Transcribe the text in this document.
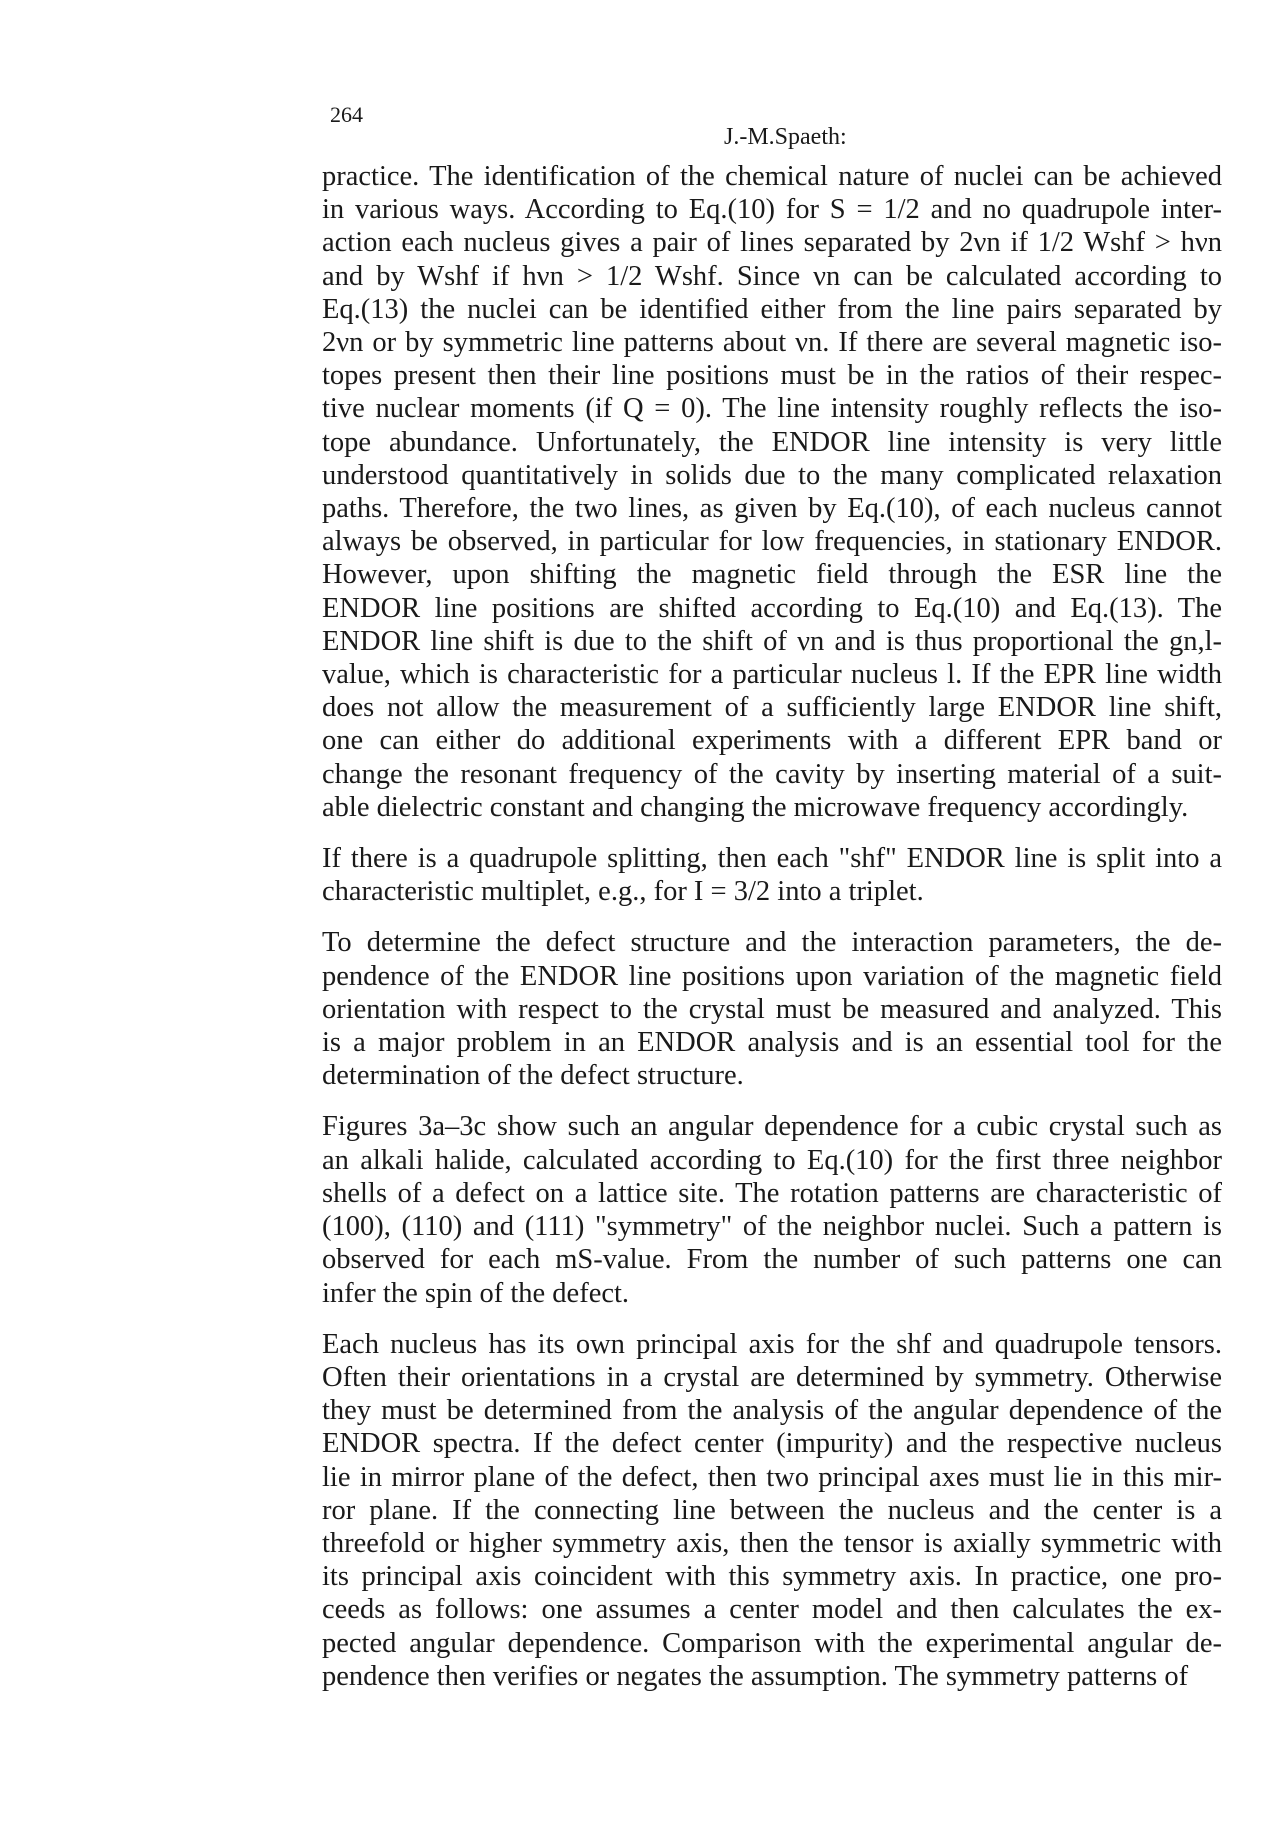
264
J.-M.Spaeth:
practice. The identification of the chemical nature of nuclei can be achieved
in various ways. According to Eq.(10) for S = 1/2 and no quadrupole inter-
action each nucleus gives a pair of lines separated by 2νn if 1/2 Wshf > hνn
and by Wshf if hνn > 1/2 Wshf. Since νn can be calculated according to
Eq.(13) the nuclei can be identified either from the line pairs separated by
2νn or by symmetric line patterns about νn. If there are several magnetic iso-
topes present then their line positions must be in the ratios of their respec-
tive nuclear moments (if Q = 0). The line intensity roughly reflects the iso-
tope abundance. Unfortunately, the ENDOR line intensity is very little
understood quantitatively in solids due to the many complicated relaxation
paths. Therefore, the two lines, as given by Eq.(10), of each nucleus cannot
always be observed, in particular for low frequencies, in stationary ENDOR.
However, upon shifting the magnetic field through the ESR line the
ENDOR line positions are shifted according to Eq.(10) and Eq.(13). The
ENDOR line shift is due to the shift of νn and is thus proportional the gn,l-
value, which is characteristic for a particular nucleus l. If the EPR line width
does not allow the measurement of a sufficiently large ENDOR line shift,
one can either do additional experiments with a different EPR band or
change the resonant frequency of the cavity by inserting material of a suit-
able dielectric constant and changing the microwave frequency accordingly.
If there is a quadrupole splitting, then each "shf" ENDOR line is split into a
characteristic multiplet, e.g., for I = 3/2 into a triplet.
To determine the defect structure and the interaction parameters, the de-
pendence of the ENDOR line positions upon variation of the magnetic field
orientation with respect to the crystal must be measured and analyzed. This
is a major problem in an ENDOR analysis and is an essential tool for the
determination of the defect structure.
Figures 3a–3c show such an angular dependence for a cubic crystal such as
an alkali halide, calculated according to Eq.(10) for the first three neighbor
shells of a defect on a lattice site. The rotation patterns are characteristic of
(100), (110) and (111) "symmetry" of the neighbor nuclei. Such a pattern is
observed for each mS-value. From the number of such patterns one can
infer the spin of the defect.
Each nucleus has its own principal axis for the shf and quadrupole tensors.
Often their orientations in a crystal are determined by symmetry. Otherwise
they must be determined from the analysis of the angular dependence of the
ENDOR spectra. If the defect center (impurity) and the respective nucleus
lie in mirror plane of the defect, then two principal axes must lie in this mir-
ror plane. If the connecting line between the nucleus and the center is a
threefold or higher symmetry axis, then the tensor is axially symmetric with
its principal axis coincident with this symmetry axis. In practice, one pro-
ceeds as follows: one assumes a center model and then calculates the ex-
pected angular dependence. Comparison with the experimental angular de-
pendence then verifies or negates the assumption. The symmetry patterns of
